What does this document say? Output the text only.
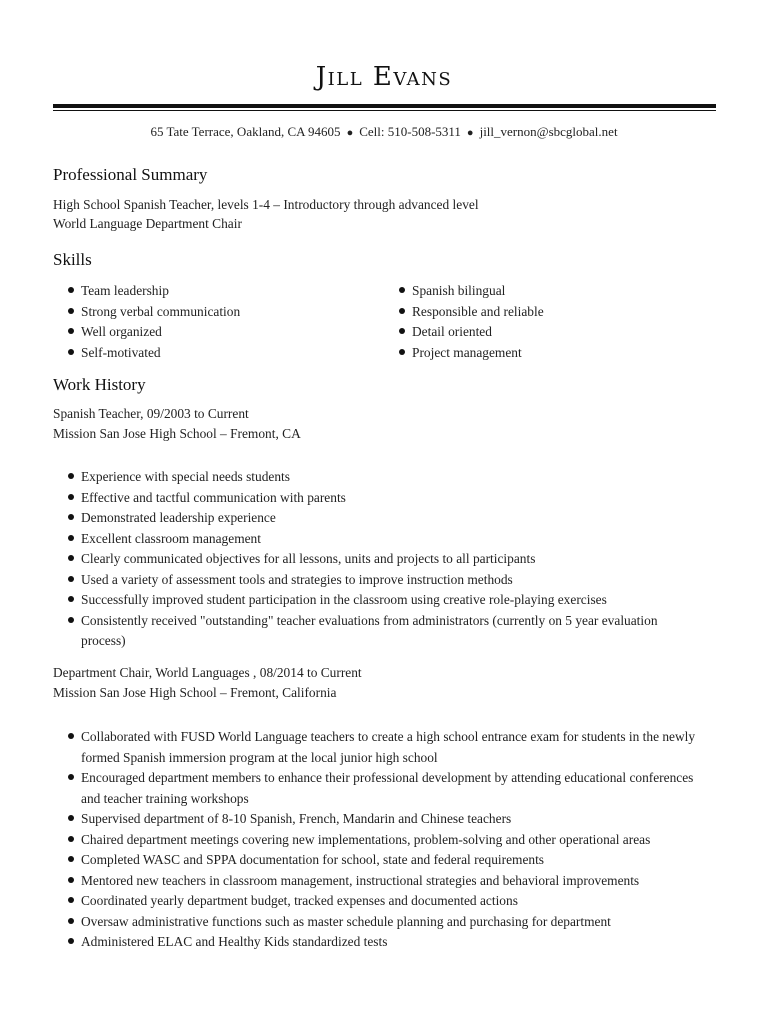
Jill Evans
65 Tate Terrace, Oakland, CA 94605 ● Cell: 510-508-5311 ● jill_vernon@sbcglobal.net
Professional Summary
High School Spanish Teacher, levels 1-4 – Introductory through advanced level
World Language Department Chair
Skills
Team leadership
Strong verbal communication
Well organized
Self-motivated
Spanish bilingual
Responsible and reliable
Detail oriented
Project management
Work History
Spanish Teacher, 09/2003 to Current
Mission San Jose High School – Fremont, CA
Experience with special needs students
Effective and tactful communication with parents
Demonstrated leadership experience
Excellent classroom management
Clearly communicated objectives for all lessons, units and projects to all participants
Used a variety of assessment tools and strategies to improve instruction methods
Successfully improved student participation in the classroom using creative role-playing exercises
Consistently received "outstanding" teacher evaluations from administrators (currently on 5 year evaluation process)
Department Chair, World Languages , 08/2014 to Current
Mission San Jose High School – Fremont, California
Collaborated with FUSD World Language teachers to create a high school entrance exam for students in the newly formed Spanish immersion program at the local junior high school
Encouraged department members to enhance their professional development by attending educational conferences and teacher training workshops
Supervised department of 8-10 Spanish, French, Mandarin and Chinese teachers
Chaired department meetings covering new implementations, problem-solving and other operational areas
Completed WASC and SPPA documentation for school, state and federal requirements
Mentored new teachers in classroom management, instructional strategies and behavioral improvements
Coordinated yearly department budget, tracked expenses and documented actions
Oversaw administrative functions such as master schedule planning and purchasing for department
Administered ELAC and Healthy Kids standardized tests
